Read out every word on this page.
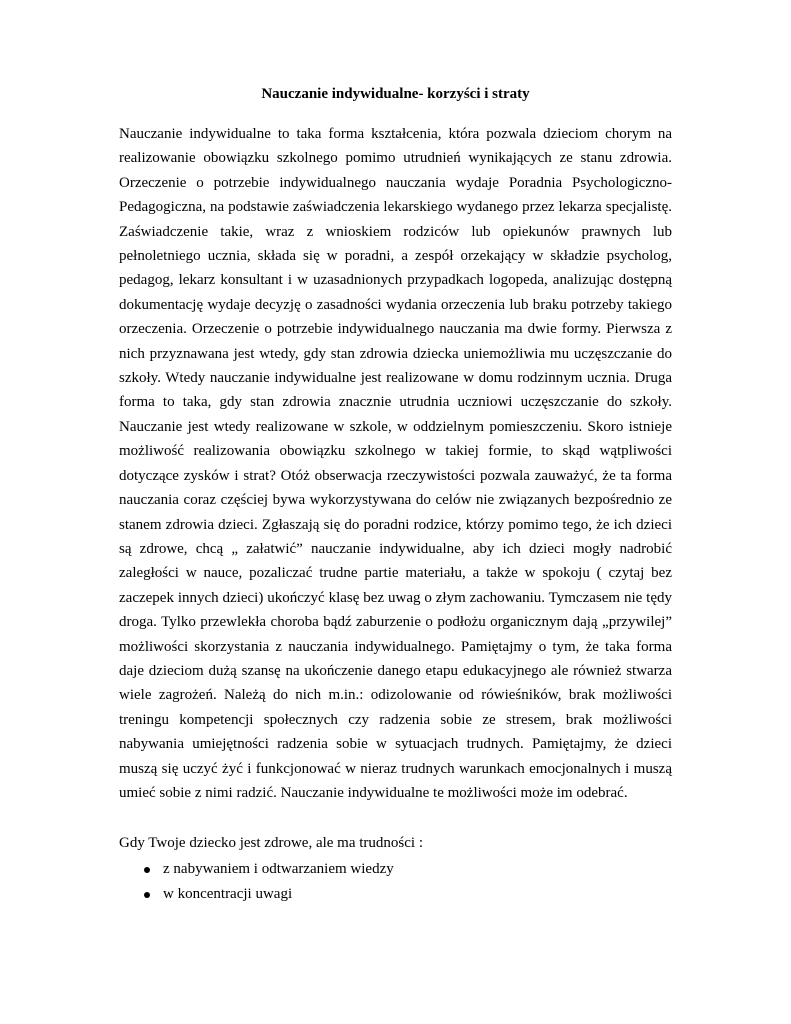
Nauczanie indywidualne- korzyści i straty

Nauczanie indywidualne to taka forma kształcenia, która pozwala dzieciom chorym na realizowanie obowiązku szkolnego pomimo utrudnień wynikających ze stanu zdrowia. Orzeczenie o potrzebie indywidualnego nauczania wydaje Poradnia Psychologiczno-Pedagogiczna, na podstawie zaświadczenia lekarskiego wydanego przez lekarza specjalistę. Zaświadczenie takie, wraz z wnioskiem rodziców lub opiekunów prawnych lub pełnoletniego ucznia, składa się w poradni, a zespół orzekający w składzie psycholog, pedagog, lekarz konsultant i w uzasadnionych przypadkach logopeda, analizując dostępną dokumentację wydaje decyzję o zasadności wydania orzeczenia lub braku potrzeby takiego orzeczenia. Orzeczenie o potrzebie indywidualnego nauczania ma dwie formy. Pierwsza z nich przyznawana jest wtedy, gdy stan zdrowia dziecka uniemożliwia mu uczęszczanie do szkoły. Wtedy nauczanie indywidualne jest realizowane w domu rodzinnym ucznia. Druga forma to taka, gdy stan zdrowia znacznie utrudnia uczniowi uczęszczanie do szkoły. Nauczanie jest wtedy realizowane w szkole, w oddzielnym pomieszczeniu. Skoro istnieje możliwość realizowania obowiązku szkolnego w takiej formie, to skąd wątpliwości dotyczące zysków i strat? Otóż obserwacja rzeczywistości pozwala zauważyć, że ta forma nauczania coraz częściej bywa wykorzystywana do celów nie związanych bezpośrednio ze stanem zdrowia dzieci. Zgłaszają się do poradni rodzice, którzy pomimo tego, że ich dzieci są zdrowe, chcą „ załatwić” nauczanie indywidualne, aby ich dzieci mogły nadrobić zaległości w nauce, pozaliczać trudne partie materiału, a także w spokoju ( czytaj bez zaczepek innych dzieci) ukończyć klasę bez uwag o złym zachowaniu. Tymczasem nie tędy droga. Tylko przewlekła choroba bądź zaburzenie o podłożu organicznym dają „przywilej” możliwości skorzystania z nauczania indywidualnego. Pamiętajmy o tym, że taka forma daje dzieciom dużą szansę na ukończenie danego etapu edukacyjnego ale również stwarza wiele zagrożeń. Należą do nich m.in.: odizolowanie od rówieśników, brak możliwości treningu kompetencji społecznych czy radzenia sobie ze stresem, brak możliwości nabywania umiejętności radzenia sobie w sytuacjach trudnych. Pamiętajmy, że dzieci muszą się uczyć żyć i funkcjonować w nieraz trudnych warunkach emocjonalnych i muszą umieć sobie z nimi radzić. Nauczanie indywidualne te możliwości może im odebrać.

Gdy Twoje dziecko jest zdrowe, ale ma trudności :

z nabywaniem i odtwarzaniem wiedzy
w koncentracji uwagi
